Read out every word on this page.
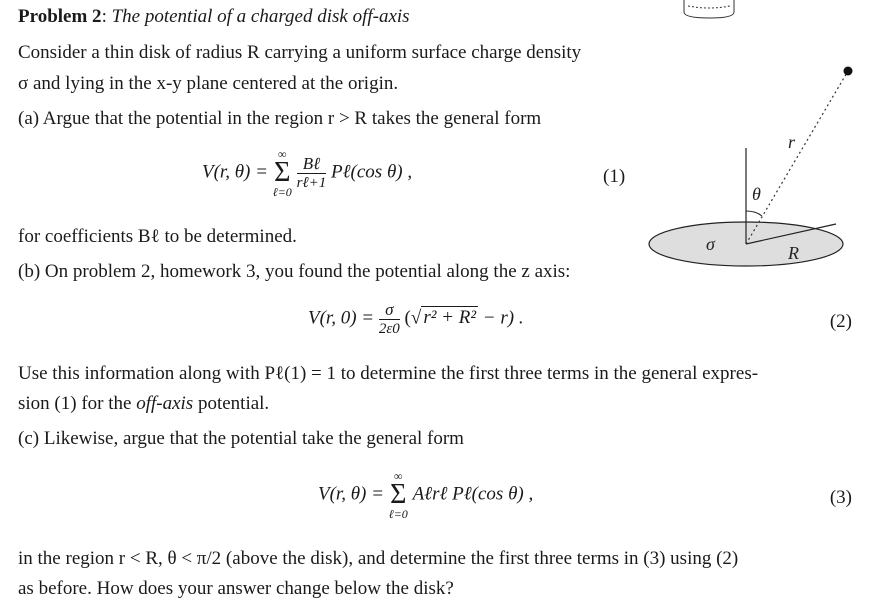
Problem 2: The potential of a charged disk off-axis
Consider a thin disk of radius R carrying a uniform surface charge density
σ and lying in the x-y plane centered at the origin.
(a) Argue that the potential in the region r > R takes the general form
V(r, θ) =
∞
Σ
ℓ=0
$\frac{\text{Bℓ}}{\text{rℓ+1}}$ Pℓ(cos θ) ,	(1)
for coefficients Bℓ to be determined.
(b) On problem 2, homework 3, you found the potential along the z axis:
V(r, $0) = \frac{\sigma}{2\varepsilon 0}$ (√ r² + R² − r) .	(2)
Use this information along with Pℓ(1) = 1 to determine the first three terms in the general expres-
sion (1) for the off-axis potential.
(c) Likewise, argue that the potential take the general form
V(r, θ) =
∞
Σ
ℓ=0
Aℓrℓ Pℓ(cos θ) ,	(3)
in the region r < R, θ < π/2 (above the disk), and determine the first three terms in (3) using (2)
as before. How does your answer change below the disk?
r
θ
σ	R
